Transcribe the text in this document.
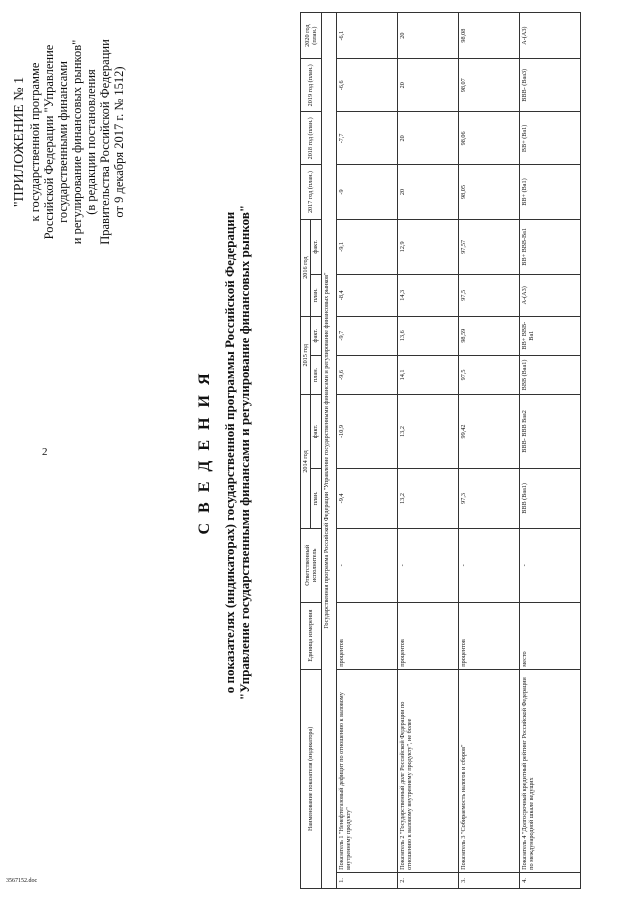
2
3567152.doc
"ПРИЛОЖЕНИЕ № 1 к государственной программе Российской Федерации "Управление государственными финансами и регулирование финансовых рынков" (в редакции постановления Правительства Российской Федерации от 9 декабря 2017 г. № 1512)
С В Е Д Е Н И Я о показателях (индикаторах) государственной программы Российской Федерации "Управление государственными финансами и регулирование финансовых рынков"
Наименование показателя (индикатора)		Единица измерения	Ответственный исполнитель	2014 год		2015 год		2016 год		2017 год (план.)	2018 год (план.)	2019 год (план.)	2020 год (план.)
				план.	факт.	план.	факт.	план.	факт.				
Государственная программа Российской Федерации "Управление государственными финансами и регулирование финансовых рынков"													
1.	Показатель 1 "Ненефтегазовый дефицит по отношению к валовому внутреннему продукту"	процентов	-	-9,4	-10,9	-9,6	-9,7	-8,4	-9,1	-9	-7,7	-6,6	-6,1
2.	Показатель 2 "Государственный долг Российской Федерации по отношению к валовому внутреннему продукту", не более	процентов	-	13,2	13,2	14,1	13,6	14,3	12,9	20	20	20	20
3.	Показатель 3 "Собираемость налогов и сборов"	процентов	-	97,3	99,42	97,5	98,59	97,5	97,57	98,05	98,06	98,07	98,08
4.	Показатель 4 "Долгосрочный кредитный рейтинг Российской Федерации по международной шкале ведущих	место	-	BBB (Baa1)	BBB- BBB Baa2	BBB (Baa1)	BB+ BBB- Ba1	A-(A3)	BB+ BBB-Ba1	BB+ (Ba1)	BB+ (Ba1)	BBB- (Baa3)	A-(A3)
